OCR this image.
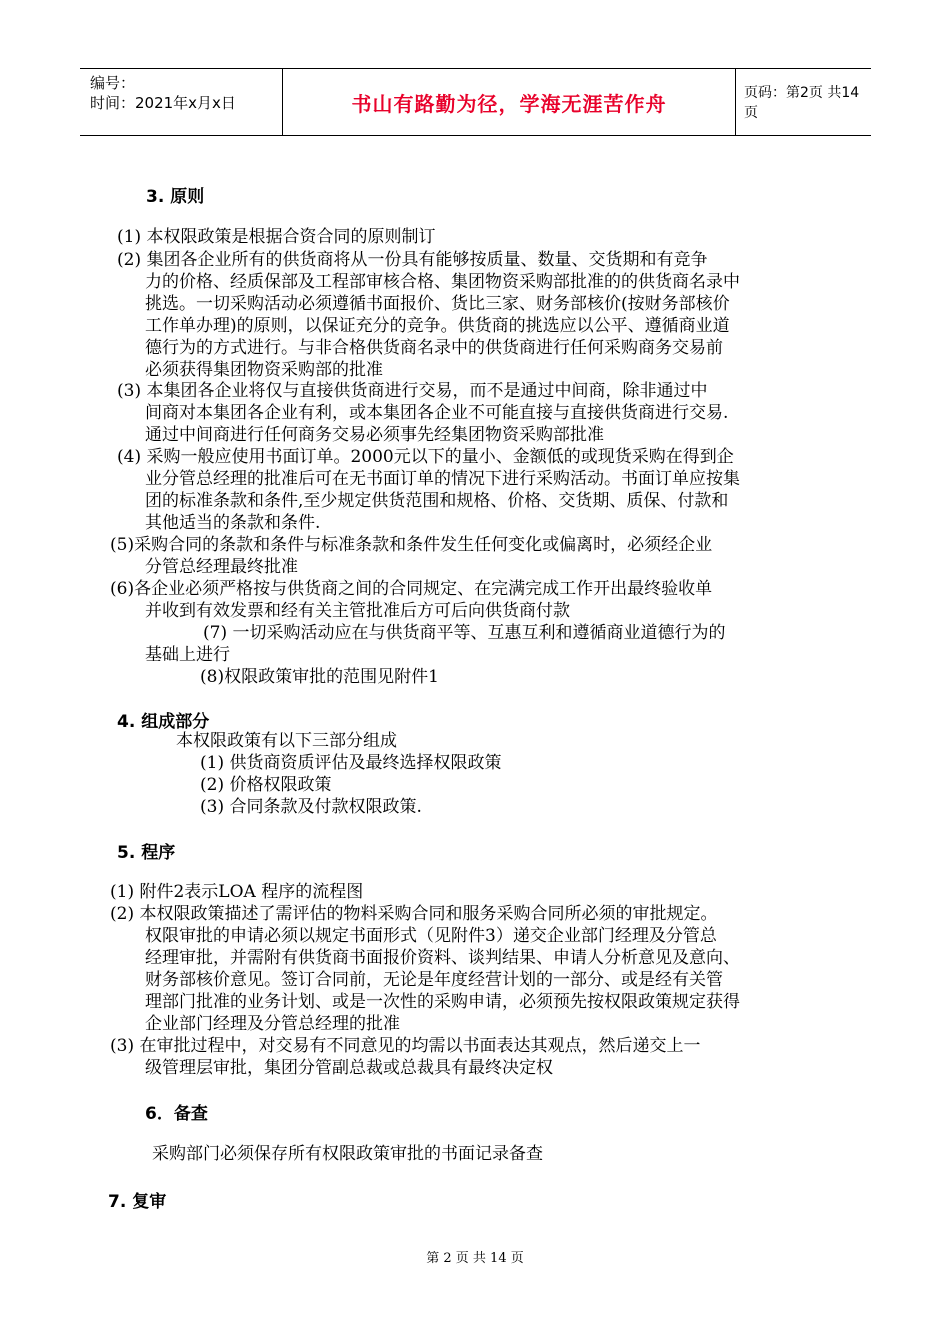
编号：
时间：2021年x月x日	书山有路勤为径，学海无涯苦作舟	页码：第2页 共14页
3. 原则
(1) 本权限政策是根据合资合同的原则制订
(2) 集团各企业所有的供货商将从一份具有能够按质量、数量、交货期和有竞争
力的价格、经质保部及工程部审核合格、集团物资采购部批准的的供货商名录中
挑选。一切采购活动必须遵循书面报价、货比三家、财务部核价(按财务部核价
工作单办理)的原则，以保证充分的竞争。供货商的挑选应以公平、遵循商业道
德行为的方式进行。与非合格供货商名录中的供货商进行任何采购商务交易前
必须获得集团物资采购部的批准
(3) 本集团各企业将仅与直接供货商进行交易，而不是通过中间商，除非通过中
间商对本集团各企业有利，或本集团各企业不可能直接与直接供货商进行交易.
通过中间商进行任何商务交易必须事先经集团物资采购部批准
(4) 采购一般应使用书面订单。2000元以下的量小、金额低的或现货采购在得到企
业分管总经理的批准后可在无书面订单的情况下进行采购活动。书面订单应按集
团的标准条款和条件,至少规定供货范围和规格、价格、交货期、质保、付款和
其他适当的条款和条件.
(5)采购合同的条款和条件与标准条款和条件发生任何变化或偏离时，必须经企业
分管总经理最终批准
(6)各企业必须严格按与供货商之间的合同规定、在完满完成工作开出最终验收单
并收到有效发票和经有关主管批准后方可后向供货商付款
(7) 一切采购活动应在与供货商平等、互惠互利和遵循商业道德行为的
基础上进行
(8)权限政策审批的范围见附件1
4. 组成部分
本权限政策有以下三部分组成
(1) 供货商资质评估及最终选择权限政策
(2) 价格权限政策
(3) 合同条款及付款权限政策.
5. 程序
(1) 附件2表示LOA 程序的流程图
(2) 本权限政策描述了需评估的物料采购合同和服务采购合同所必须的审批规定。
权限审批的申请必须以规定书面形式（见附件3）递交企业部门经理及分管总
经理审批，并需附有供货商书面报价资料、谈判结果、申请人分析意见及意向、
财务部核价意见。签订合同前，无论是年度经营计划的一部分、或是经有关管
理部门批准的业务计划、或是一次性的采购申请，必须预先按权限政策规定获得
企业部门经理及分管总经理的批准
(3) 在审批过程中，对交易有不同意见的均需以书面表达其观点，然后递交上一
级管理层审批，集团分管副总裁或总裁具有最终决定权
6．备查
采购部门必须保存所有权限政策审批的书面记录备查
7. 复审
第 2 页 共 14 页
